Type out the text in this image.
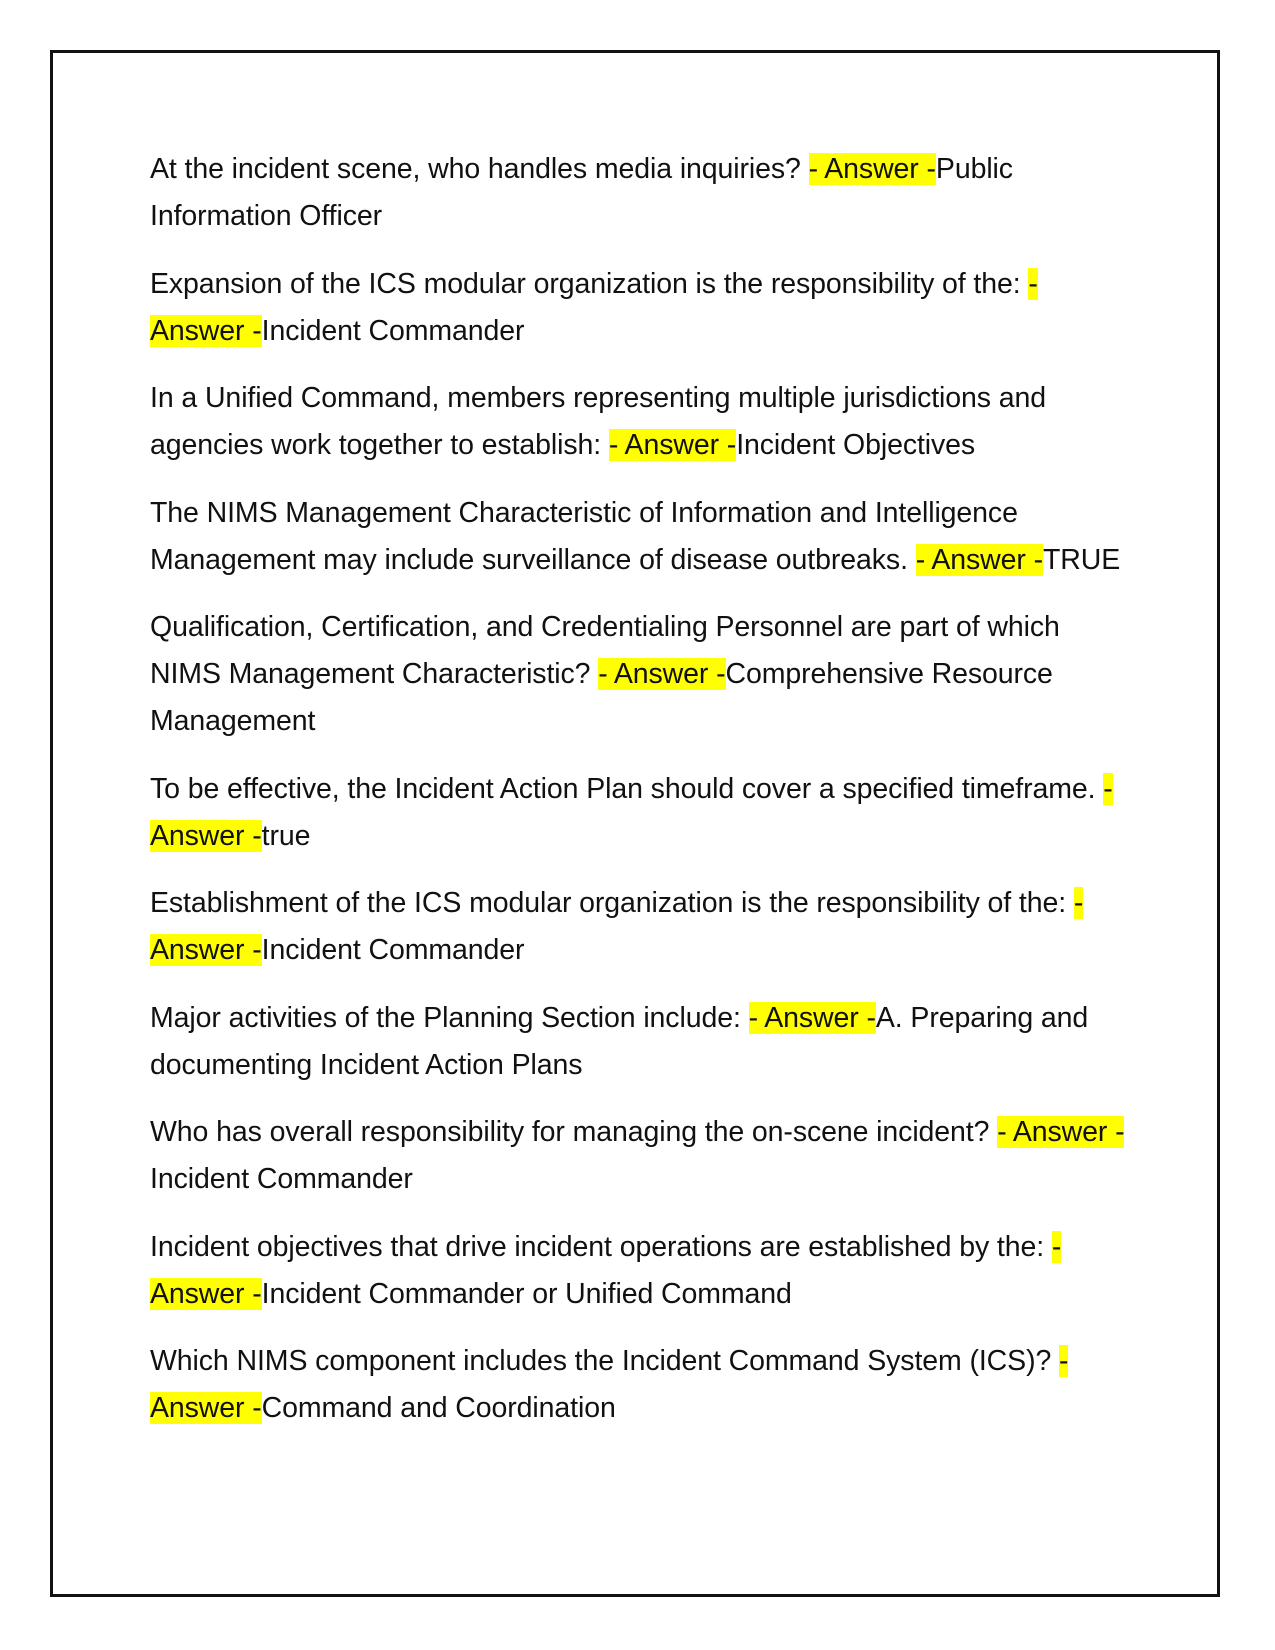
At the incident scene, who handles media inquiries? - Answer -Public Information Officer
Expansion of the ICS modular organization is the responsibility of the: - Answer -Incident Commander
In a Unified Command, members representing multiple jurisdictions and agencies work together to establish: - Answer -Incident Objectives
The NIMS Management Characteristic of Information and Intelligence Management may include surveillance of disease outbreaks. - Answer -TRUE
Qualification, Certification, and Credentialing Personnel are part of which NIMS Management Characteristic? - Answer -Comprehensive Resource Management
To be effective, the Incident Action Plan should cover a specified timeframe. - Answer -true
Establishment of the ICS modular organization is the responsibility of the: - Answer -Incident Commander
Major activities of the Planning Section include: - Answer -A. Preparing and documenting Incident Action Plans
Who has overall responsibility for managing the on-scene incident? - Answer -Incident Commander
Incident objectives that drive incident operations are established by the: - Answer -Incident Commander or Unified Command
Which NIMS component includes the Incident Command System (ICS)? - Answer -Command and Coordination
